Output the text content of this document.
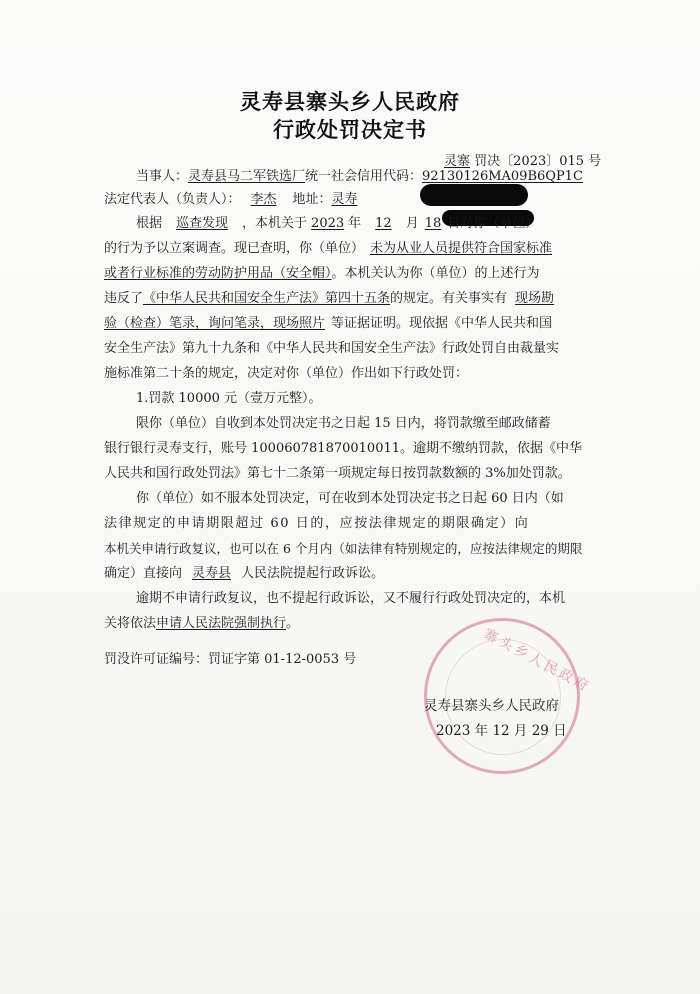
灵寿县寨头乡人民政府
行政处罚决定书
灵寨 罚决〔2023〕015 号
当事人：灵寿县马二军铁选厂统一社会信用代码：92130126MA09B6QP1C
法定代表人（负责人）： 李杰 地址：灵寿
根据 巡查发现 ，本机关于 2023 年 12 月 18 日对你（单位）
的行为予以立案调查。现已查明，你（单位） 未为从业人员提供符合国家标准
或者行业标准的劳动防护用品（安全帽）。本机关认为你（单位）的上述行为
违反了《中华人民共和国安全生产法》第四十五条的规定。有关事实有 现场勘
验（检查）笔录，询问笔录，现场照片 等证据证明。现依据《中华人民共和国
安全生产法》第九十九条和《中华人民共和国安全生产法》行政处罚自由裁量实
施标准第二十条的规定，决定对你（单位）作出如下行政处罚：
1.罚款 10000 元（壹万元整）。
限你（单位）自收到本处罚决定书之日起 15 日内，将罚款缴至邮政储蓄
银行银行灵寿支行，账号 10006078187001001​1。逾期不缴纳罚款，依据《中华
人民共和国行政处罚法》第七十二条第一项规定每日按罚款数额的 3%加处罚款。
你（单位）如不服本处罚决定，可在收到本处罚决定书之日起 60 日内（如
法律规定的申请期限超过 60 日的，应按法律规定的期限确定）向
本机关申请行政复议，也可以在 6 个月内（如法律有特别规定的，应按法律规定的期限
确定）直接向 灵寿县 人民法院提起行政诉讼。
逾期不申请行政复议，也不提起行政诉讼，又不履行行政处罚决定的，本机
关将依法申请人民法院强制执行。
罚没许可证编号：罚证字第 01-12-0053 号	寨头乡人民政府
灵寿县寨头乡人民政府
2023 年 12 月 29 日
